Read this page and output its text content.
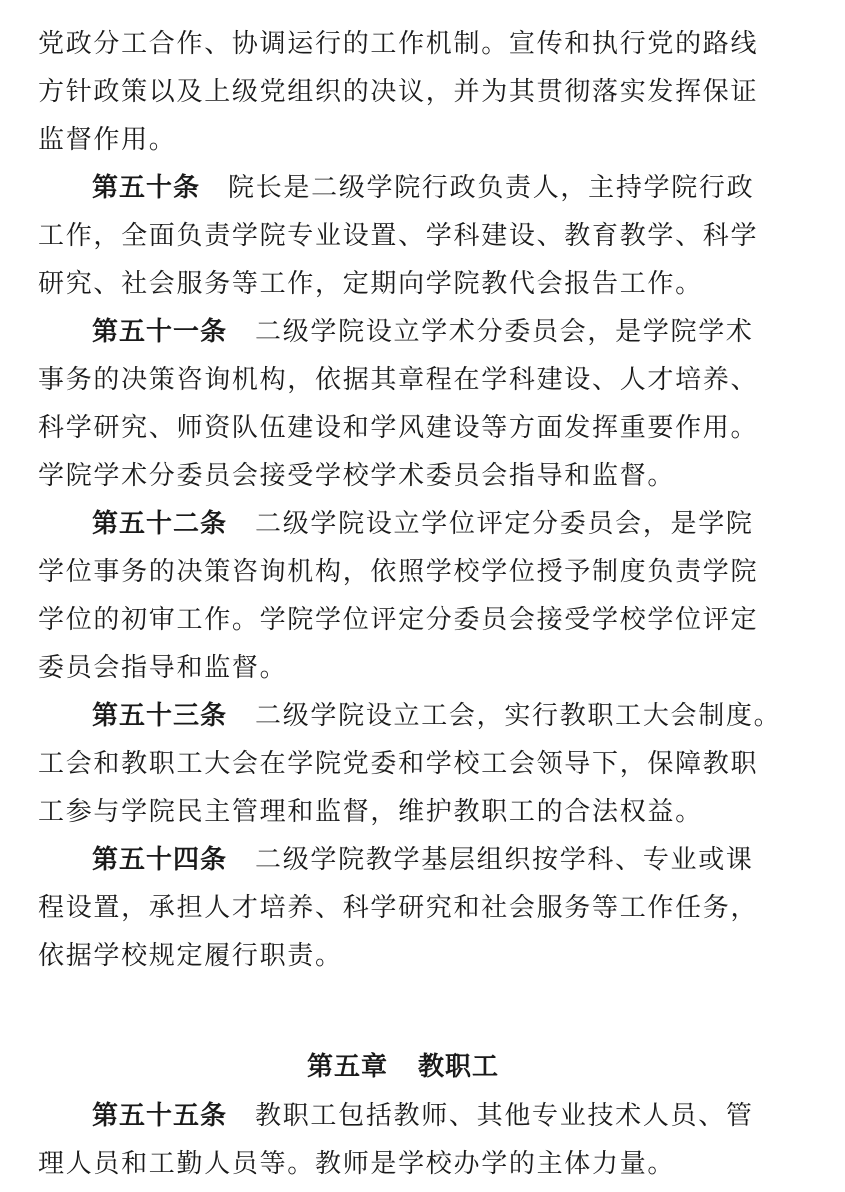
党政分工合作、协调运行的工作机制。宣传和执行党的路线
方针政策以及上级党组织的决议，并为其贯彻落实发挥保证
监督作用。
第五十条 院长是二级学院行政负责人，主持学院行政
工作，全面负责学院专业设置、学科建设、教育教学、科学
研究、社会服务等工作，定期向学院教代会报告工作。
第五十一条 二级学院设立学术分委员会，是学院学术
事务的决策咨询机构，依据其章程在学科建设、人才培养、
科学研究、师资队伍建设和学风建设等方面发挥重要作用。
学院学术分委员会接受学校学术委员会指导和监督。
第五十二条 二级学院设立学位评定分委员会，是学院
学位事务的决策咨询机构，依照学校学位授予制度负责学院
学位的初审工作。学院学位评定分委员会接受学校学位评定
委员会指导和监督。
第五十三条 二级学院设立工会，实行教职工大会制度。
工会和教职工大会在学院党委和学校工会领导下，保障教职
工参与学院民主管理和监督，维护教职工的合法权益。
第五十四条 二级学院教学基层组织按学科、专业或课
程设置，承担人才培养、科学研究和社会服务等工作任务，
依据学校规定履行职责。
第五章 教职工
第五十五条 教职工包括教师、其他专业技术人员、管
理人员和工勤人员等。教师是学校办学的主体力量。
